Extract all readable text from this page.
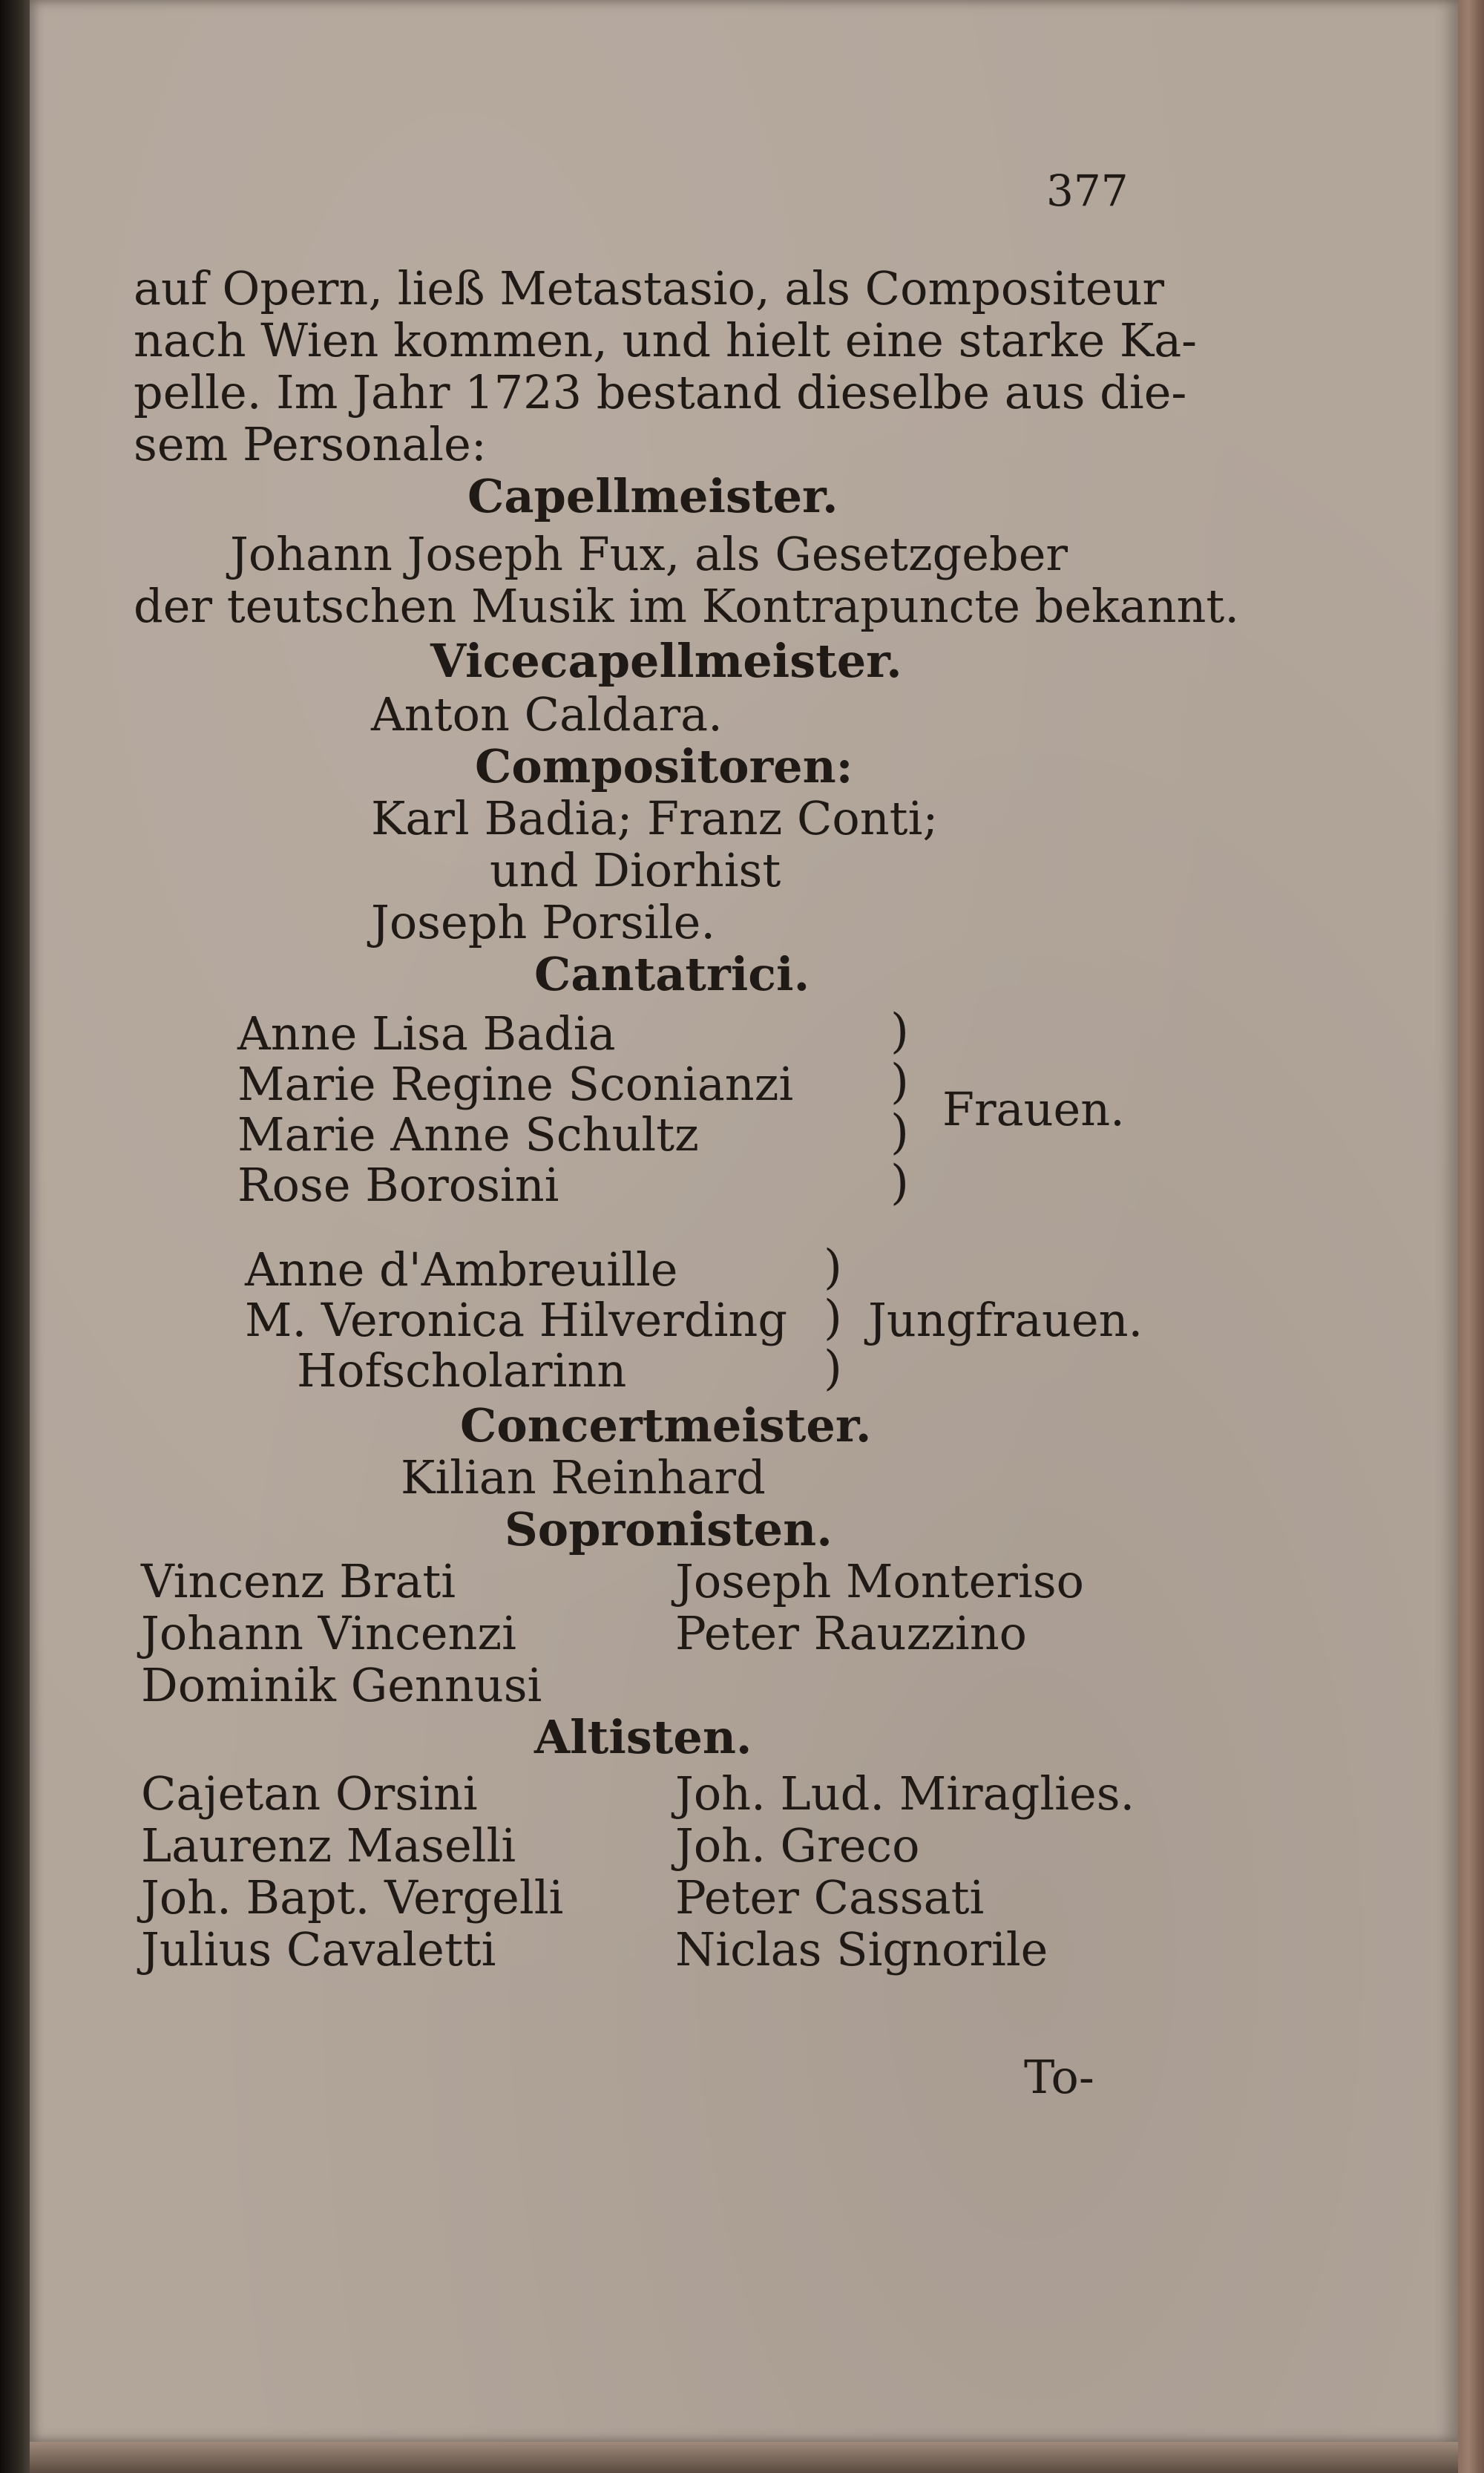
377
auf Opern, ließ Metastasio, als Compositeur
nach Wien kommen, und hielt eine starke Ka-
pelle. Im Jahr 1723 bestand dieselbe aus die-
sem Personale:
Capellmeister.
Johann Joseph Fux, als Gesetzgeber
der teutschen Musik im Kontrapuncte bekannt.
Vicecapellmeister.
Anton Caldara.
Compositoren:
Karl Badia; Franz Conti;
und Diorhist
Joseph Porsile.
Cantatrici.
Anne Lisa Badia
Marie Regine Sconianzi
Marie Anne Schultz
Rose Borosini
)
)
)
)
Frauen.
Anne d'Ambreuille
M. Veronica Hilverding
Hofscholarinn
)
)
)
Jungfrauen.
Concertmeister.
Kilian Reinhard
Sopronisten.
Vincenz Brati
Johann Vincenzi
Dominik Gennusi
Joseph Monteriso
Peter Rauzzino
Altisten.
Cajetan Orsini
Laurenz Maselli
Joh. Bapt. Vergelli
Julius Cavaletti
Joh. Lud. Miraglies.
Joh. Greco
Peter Cassati
Niclas Signorile
To-
